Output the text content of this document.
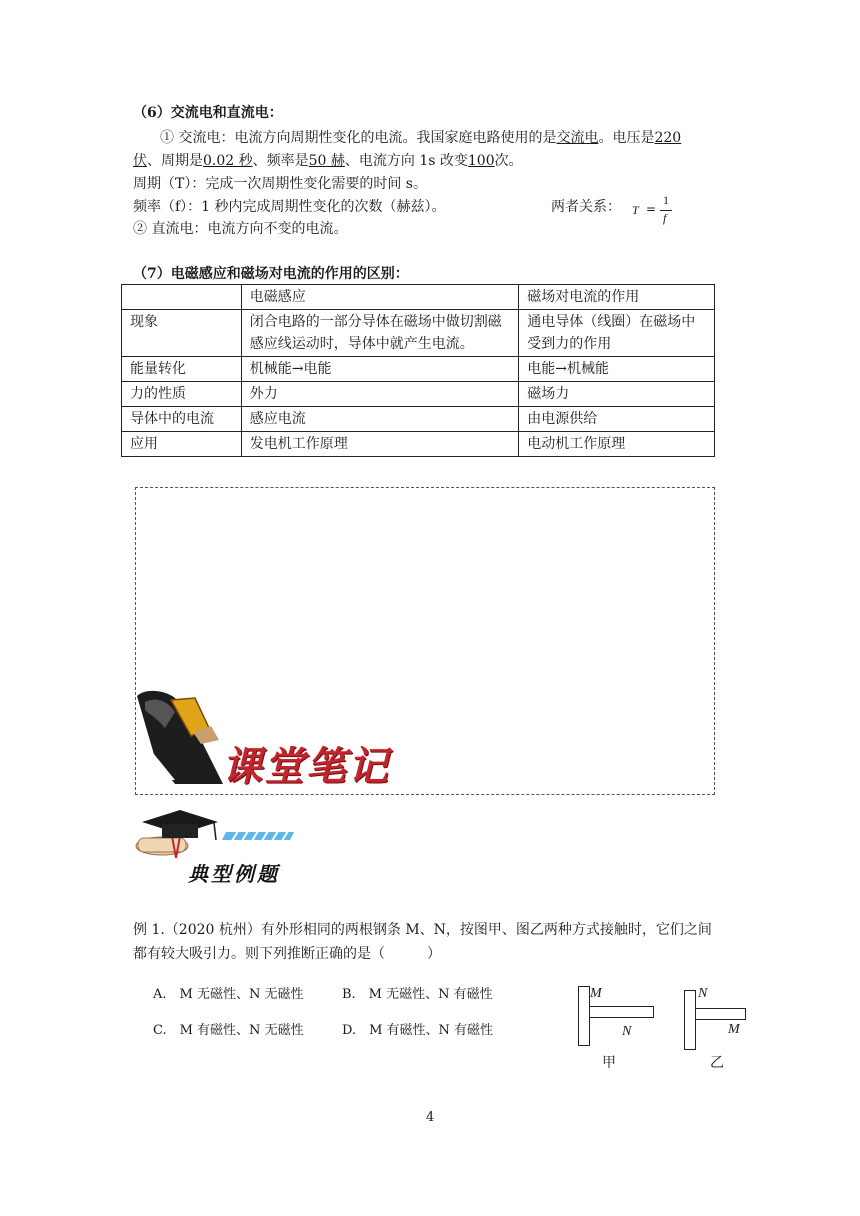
（6）交流电和直流电：
① 交流电：电流方向周期性变化的电流。我国家庭电路使用的是交流电。电压是220
伏、周期是0.02 秒、频率是50 赫、电流方向 1s 改变100次。
周期（T）：完成一次周期性变化需要的时间 s。
频率（f）：1 秒内完成周期性变化的次数（赫兹）。	两者关系： T =
1
f
② 直流电：电流方向不变的电流。
（7）电磁感应和磁场对电流的作用的区别：
	电磁感应	磁场对电流的作用
现象	闭合电路的一部分导体在磁场中做切割磁感应线运动时，导体中就产生电流。	通电导体（线圈）在磁场中受到力的作用
能量转化	机械能→电能	电能→机械能
力的性质	外力	磁场力
导体中的电流	感应电流	由电源供给
应用	发电机工作原理	电动机工作原理
课堂笔记
典型例题
例 1.（2020 杭州）有外形相同的两根钢条 M、N，按图甲、图乙两种方式接触时，它们之间
都有较大吸引力。则下列推断正确的是（　　　）
A.　M 无磁性、N 无磁性	B.　M 无磁性、N 有磁性
C.　M 有磁性、N 无磁性	D.　M 有磁性、N 有磁性
M
N
甲
N
M
乙
4
